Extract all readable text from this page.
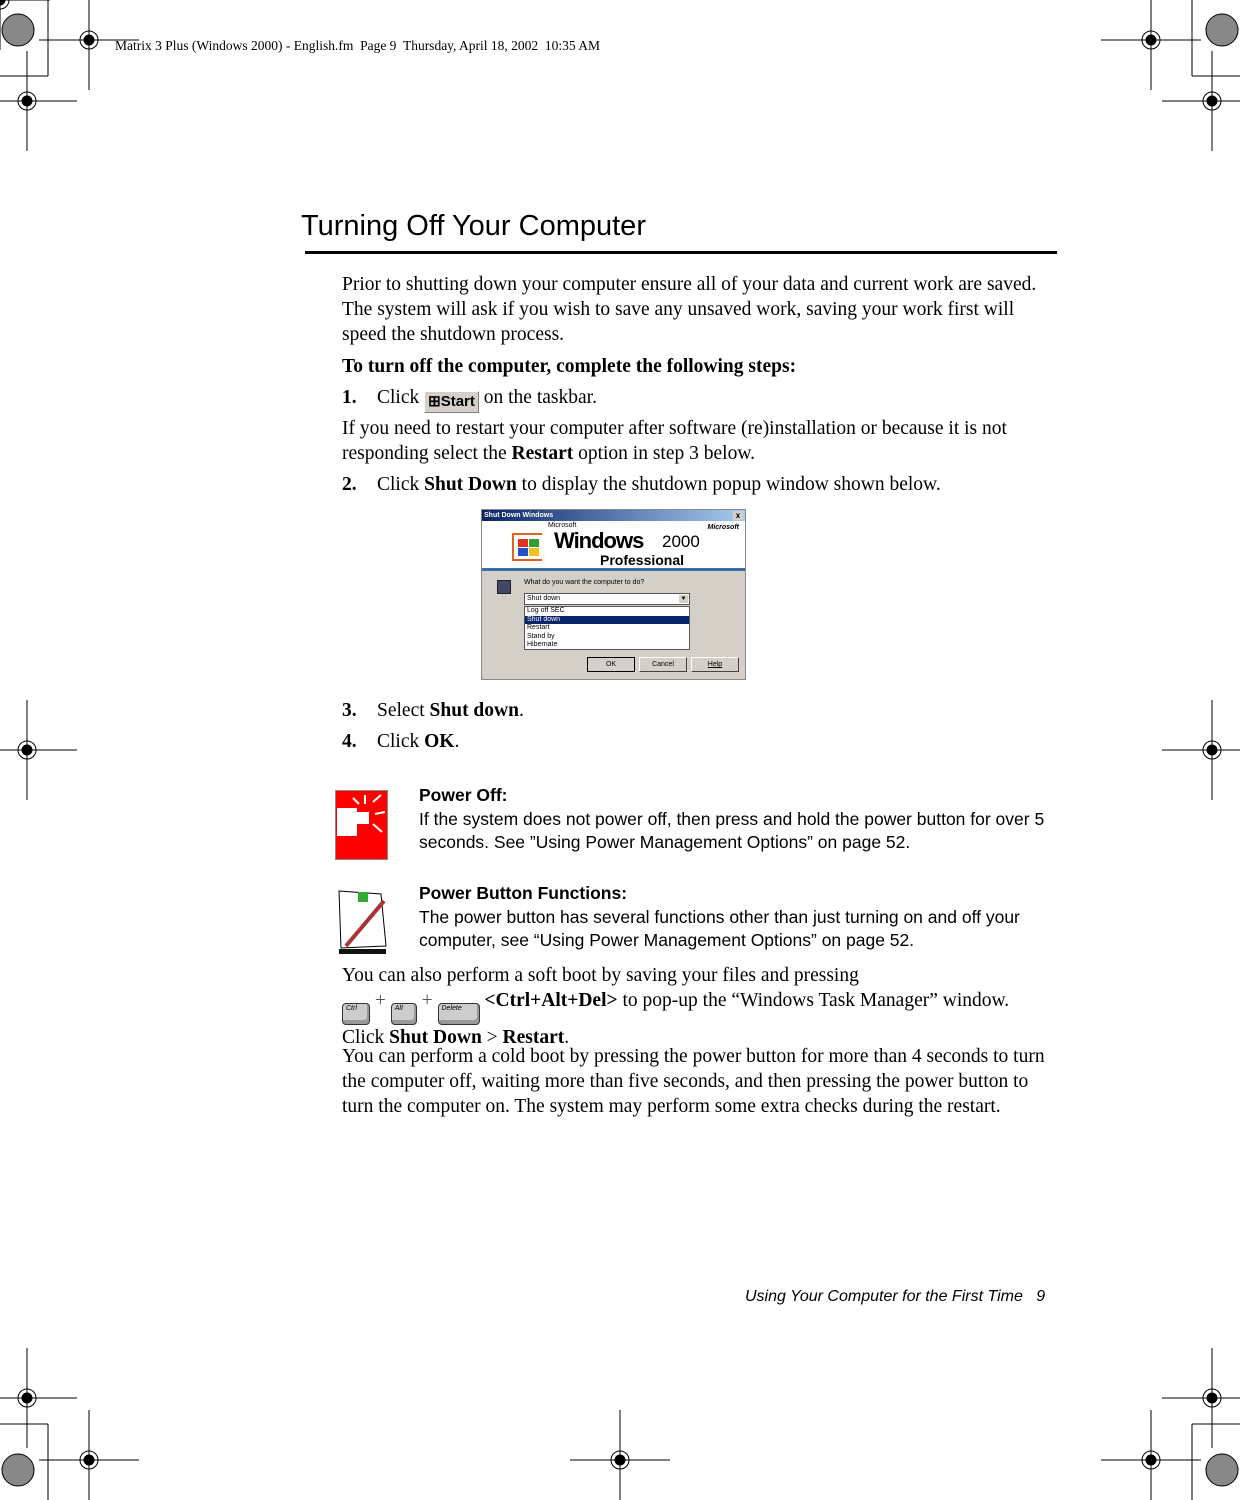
Matrix 3 Plus (Windows 2000) - English.fm  Page 9  Thursday, April 18, 2002  10:35 AM
Turning Off Your Computer

Prior to shutting down your computer ensure all of your data and current work are saved. The system will ask if you wish to save any unsaved work, saving your work first will speed the shutdown process.

To turn off the computer, complete the following steps:

1. Click ⊞Start on the taskbar.

If you need to restart your computer after software (re)installation or because it is not responding select the Restart option in step 3 below.

2. Click Shut Down to display the shutdown popup window shown below.

Shut Down Windows	x
Microsoft
Windows 2000
Professional
Microsoft
What do you want the computer to do?
Shut down	▼
Log off SEC
Shut down
Restart
Stand by
Hibernate
OK	Cancel	Help

3. Select Shut down.

4. Click OK.

Power Off:
If the system does not power off, then press and hold the power button for over 5 seconds. See ”Using Power Management Options” on page 52.
Power Button Functions:
The power button has several functions other than just turning on and off your computer, see “Using Power Management Options” on page 52.
You can also perform a soft boot by saving your files and pressing
Ctrl + Alt + Delete <Ctrl+Alt+Del> to pop-up the “Windows Task Manager” window.
Click Shut Down > Restart.

You can perform a cold boot by pressing the power button for more than 4 seconds to turn the computer off, waiting more than five seconds, and then pressing the power button to turn the computer on. The system may perform some extra checks during the restart.

Using Your Computer for the First Time 9
